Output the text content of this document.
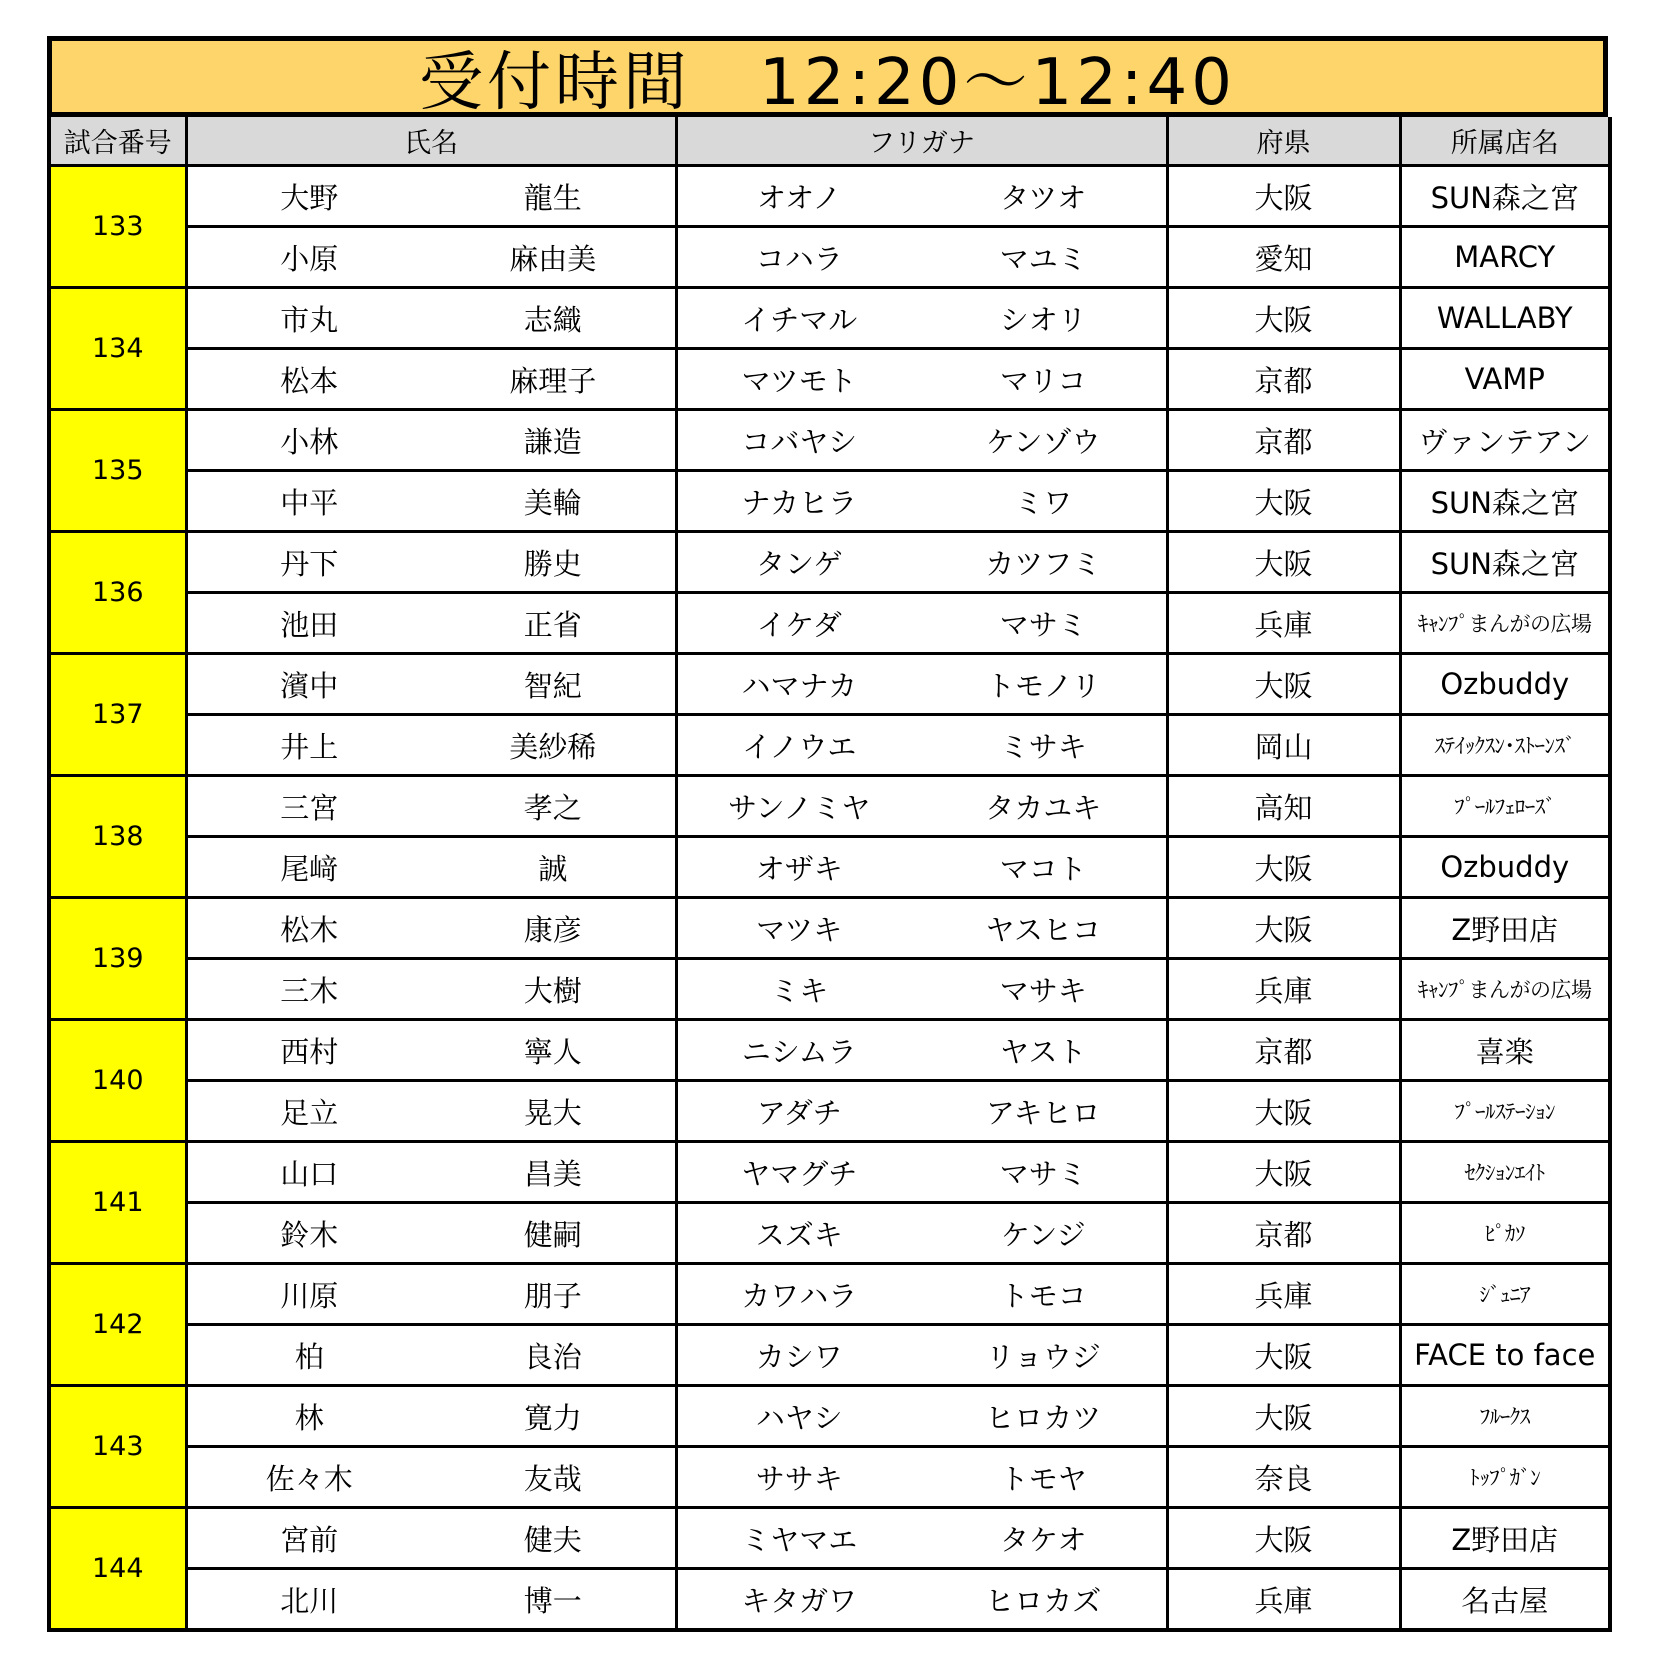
受付時間　12:20～12:40
試合番号	氏名		フリガナ		府県	所属店名
133	大野	龍生	オオノ	タツオ	大阪	SUN森之宮
	小原	麻由美	コハラ	マユミ	愛知	MARCY
134	市丸	志織	イチマル	シオリ	大阪	WALLABY
	松本	麻理子	マツモト	マリコ	京都	VAMP
135	小林	謙造	コバヤシ	ケンゾウ	京都	ヴァンテアン
	中平	美輪	ナカヒラ	ミワ	大阪	SUN森之宮
136	丹下	勝史	タンゲ	カツフミ	大阪	SUN森之宮
	池田	正省	イケダ	マサミ	兵庫	ｷｬﾝﾌﾟまんがの広場
137	濱中	智紀	ハマナカ	トモノリ	大阪	Ozbuddy
	井上	美紗稀	イノウエ	ミサキ	岡山	ｽﾃｲｯｸｽﾝ･ｽﾄｰﾝｽﾞ
138	三宮	孝之	サンノミヤ	タカユキ	高知	ﾌﾟｰﾙﾌｪﾛｰｽﾞ
	尾﨑	誠	オザキ	マコト	大阪	Ozbuddy
139	松木	康彦	マツキ	ヤスヒコ	大阪	Z野田店
	三木	大樹	ミキ	マサキ	兵庫	ｷｬﾝﾌﾟまんがの広場
140	西村	寧人	ニシムラ	ヤスト	京都	喜楽
	足立	晃大	アダチ	アキヒロ	大阪	ﾌﾟｰﾙｽﾃｰｼｮﾝ
141	山口	昌美	ヤマグチ	マサミ	大阪	ｾｸｼｮﾝｴｲﾄ
	鈴木	健嗣	スズキ	ケンジ	京都	ﾋﾟｶｿ
142	川原	朋子	カワハラ	トモコ	兵庫	ｼﾞｭﾆｱ
	柏	良治	カシワ	リョウジ	大阪	FACE to face
143	林	寛力	ハヤシ	ヒロカツ	大阪	ﾌﾙｰｸｽ
	佐々木	友哉	ササキ	トモヤ	奈良	ﾄｯﾌﾟｶﾞﾝ
144	宮前	健夫	ミヤマエ	タケオ	大阪	Z野田店
	北川	博一	キタガワ	ヒロカズ	兵庫	名古屋
